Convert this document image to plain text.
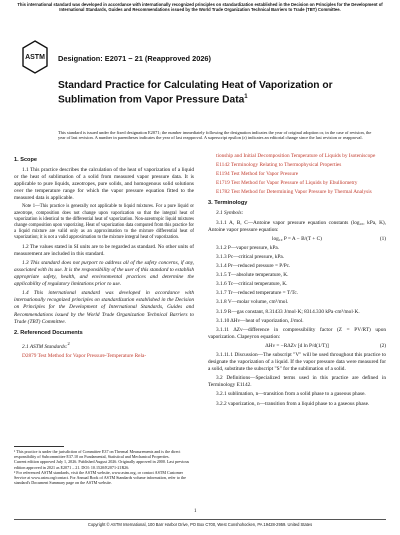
This international standard was developed in accordance with internationally recognized principles on standardization established in the Decision on Principles for the Development of International Standards, Guides and Recommendations issued by the World Trade Organization Technical Barriers to Trade (TBT) Committee.
ASTM Designation: E2071 − 21 (Reapproved 2026)
Standard Practice for Calculating Heat of Vaporization or Sublimation from Vapor Pressure Data$^1$
This standard is issued under the fixed designation E2071; the number immediately following the designation indicates the year of original adoption or, in the case of revision, the year of last revision. A number in parentheses indicates the year of last reapproval. A superscript epsilon (ε) indicates an editorial change since the last revision or reapproval.
1. Scope

1.1 This practice describes the calculation of the heat of vaporization of a liquid or the heat of sublimation of a solid from measured vapor pressure data. It is applicable to pure liquids, azeotropes, pure solids, and homogenous solid solutions over the temperature range for which the vapor pressure equation fitted to the measured data is applicable.

Note 1—This practice is generally not applicable to liquid mixtures. For a pure liquid or azeotrope, composition does not change upon vaporization so that the integral heat of vaporization is identical to the differential heat of vaporization. Non-azeotropic liquid mixtures change composition upon vaporizing. Heat of vaporization data computed from this practice for a liquid mixture are valid only as an approximation to the mixture differential heat of vaporization; it is not a valid approximation to the mixture integral heat of vaporization.

1.2 The values stated in SI units are to be regarded as standard. No other units of measurement are included in this standard.

1.3 This standard does not purport to address all of the safety concerns, if any, associated with its use. It is the responsibility of the user of this standard to establish appropriate safety, health, and environmental practices and determine the applicability of regulatory limitations prior to use.

1.4 This international standard was developed in accordance with internationally recognized principles on standardization established in the Decision on Principles for the Development of International Standards, Guides and Recommendations issued by the World Trade Organization Technical Barriers to Trade (TBT) Committee.

2. Referenced Documents

2.1 ASTM Standards:$^2$

D2879 Test Method for Vapor Pressure-Temperature Rela-

¹ This practice is under the jurisdiction of Committee E37 on Thermal Measurements and is the direct responsibility of Subcommittee E37.10 on Fundamental, Statistical and Mechanical Properties.
Current edition approved July 1, 2026. Published August 2026. Originally approved in 2000. Last previous edition approved in 2021 as E2071 – 21. DOI: 10.1520/E2071-21R26.
² For referenced ASTM standards, visit the ASTM website, www.astm.org, or contact ASTM Customer Service at www.astm.org/contact. For Annual Book of ASTM Standards volume information, refer to the standard's Document Summary page on the ASTM website.

tionship and Initial Decomposition Temperature of Liquids by Isoteniscope

E1142 Terminology Relating to Thermophysical Properties

E1194 Test Method for Vapor Pressure

E1719 Test Method for Vapor Pressure of Liquids by Ebulliometry

E1782 Test Method for Determining Vapor Pressure by Thermal Analysis

3. Terminology

3.1 Symbols:

3.1.1 A, B, C—Antoine vapor pressure equation constants (log₁₀, kPa, K), Antoine vapor pressure equation:

log₁₀ P = A − B/(T + C)	(1)

3.1.2 P—vapor pressure, kPa.

3.1.3 Pc—critical pressure, kPa.

3.1.4 Pr—reduced pressure = P/Pc.

3.1.5 T—absolute temperature, K.

3.1.6 Tc—critical temperature, K.

3.1.7 Tr—reduced temperature = T/Tc.

3.1.8 V—molar volume, cm³/mol.

3.1.9 R—gas constant, 8.31433 J/mol·K; 8314.330 kPa·cm³/mol·K.

3.1.10 ΔHv—heat of vaporization, J/mol.

3.1.11 ΔZv—difference in compressibility factor (Z = PV/RT) upon vaporization. Clapeyron equation:

ΔHv = −RΔZv [d ln P/d(1/T)]	(2)

3.1.11.1 Discussion—The subscript "V" will be used throughout this practice to designate the vaporization of a liquid. If the vapor pressure data were measured for a solid, substitute the subscript "S" for the sublimation of a solid.

3.2 Definitions—Specialized terms used in this practice are defined in Terminology E1142.

3.2.1 sublimation, n—transition from a solid phase to a gaseous phase.

3.2.2 vaporization, n—transition from a liquid phase to a gaseous phase.

1
Copyright © ASTM International, 100 Barr Harbor Drive, PO Box C700, West Conshohocken, PA 19428-2959. United States
